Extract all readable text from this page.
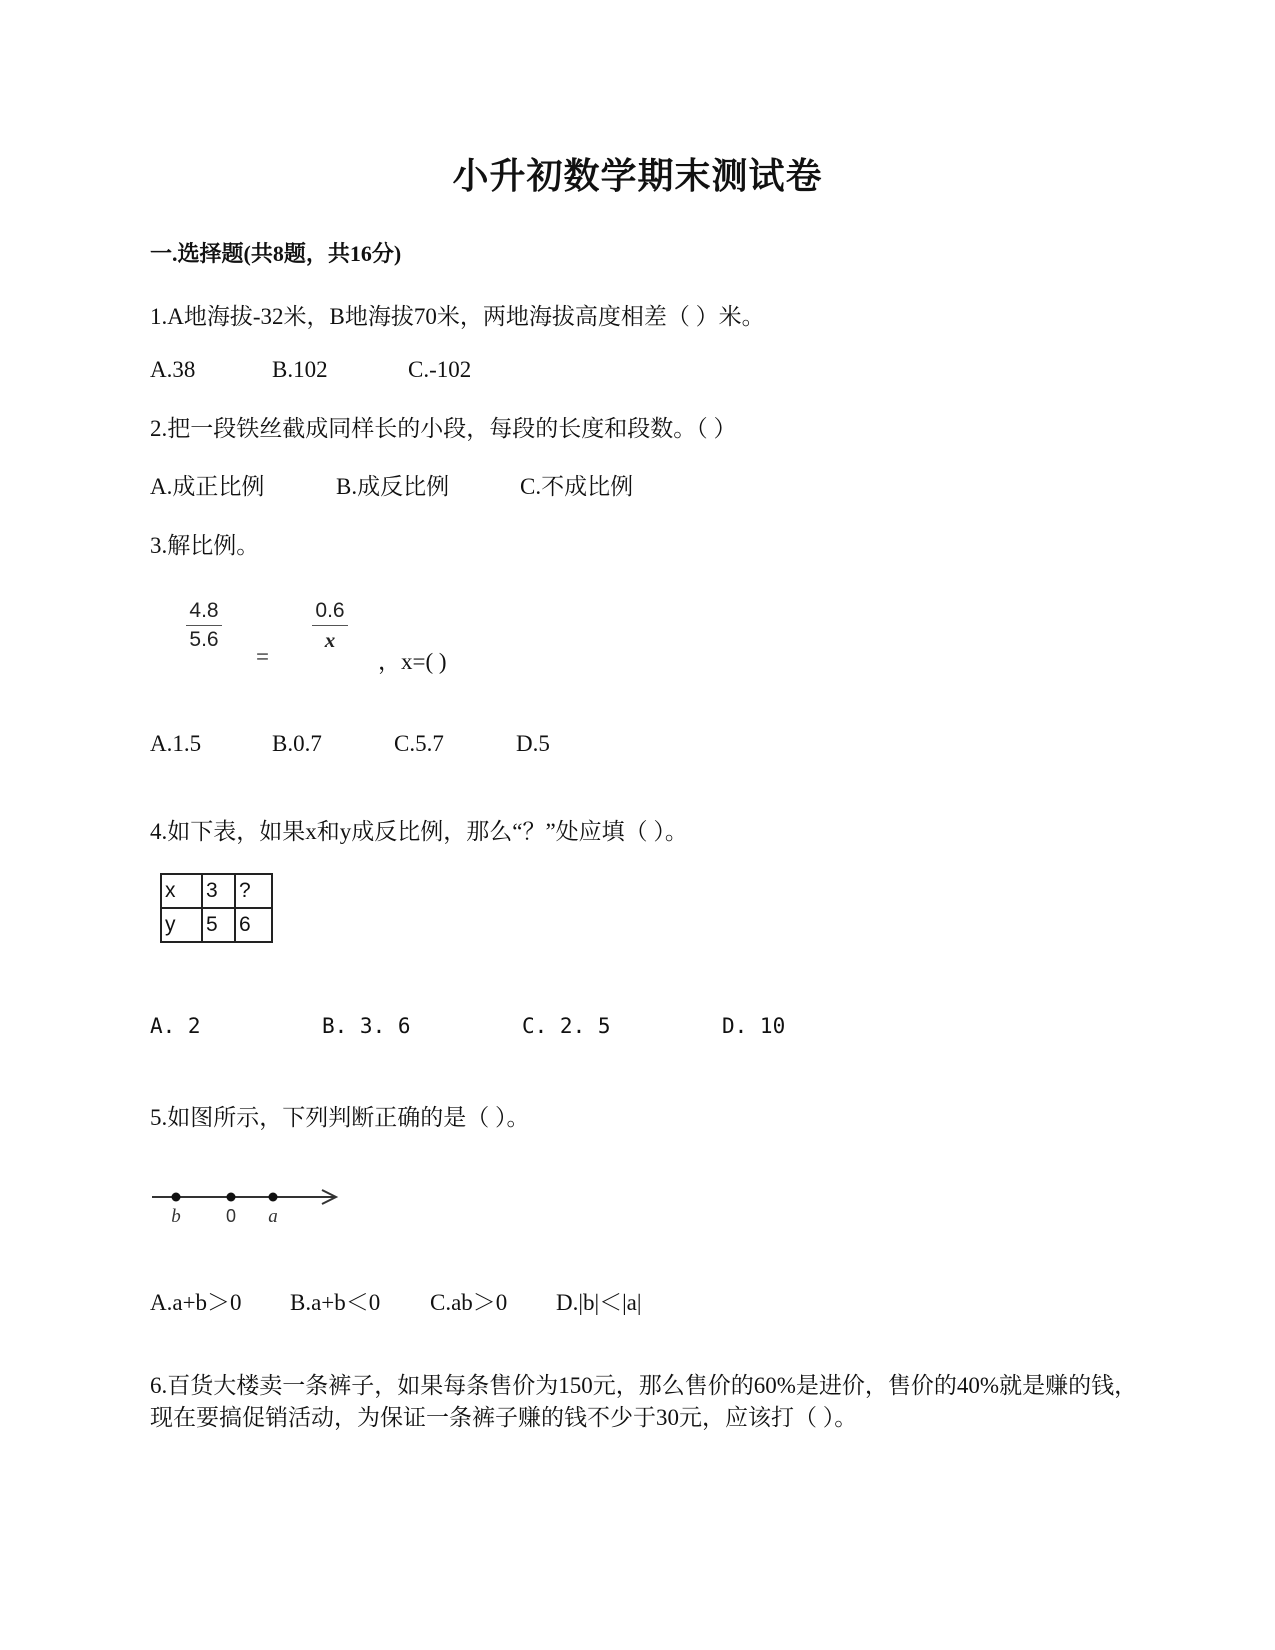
小升初数学期末测试卷
一.选择题(共8题，共16分)
1.A地海拔-32米，B地海拔70米，两地海拔高度相差（ ）米。
A.38	B.102	C.-102
2.把一段铁丝截成同样长的小段，每段的长度和段数。（ ）
A.成正比例	B.成反比例	C.不成比例
3.解比例。
4.8
5.6
=
0.6
x
，x=( )
A.1.5	B.0.7	C.5.7	D.5
4.如下表，如果x和y成反比例，那么“？”处应填（ ）。
x	3	?
y	5	6
A. 2	B. 3. 6	C. 2. 5	D. 10
5.如图所示，下列判断正确的是（ ）。
b	0 a
A.a+b＞0 B.a+b＜0 C.ab＞0 D.|b|＜|a|
6.百货大楼卖一条裤子，如果每条售价为150元，那么售价的60%是进价，售价的40%就是赚的钱，现在要搞促销活动，为保证一条裤子赚的钱不少于30元，应该打（ ）。
